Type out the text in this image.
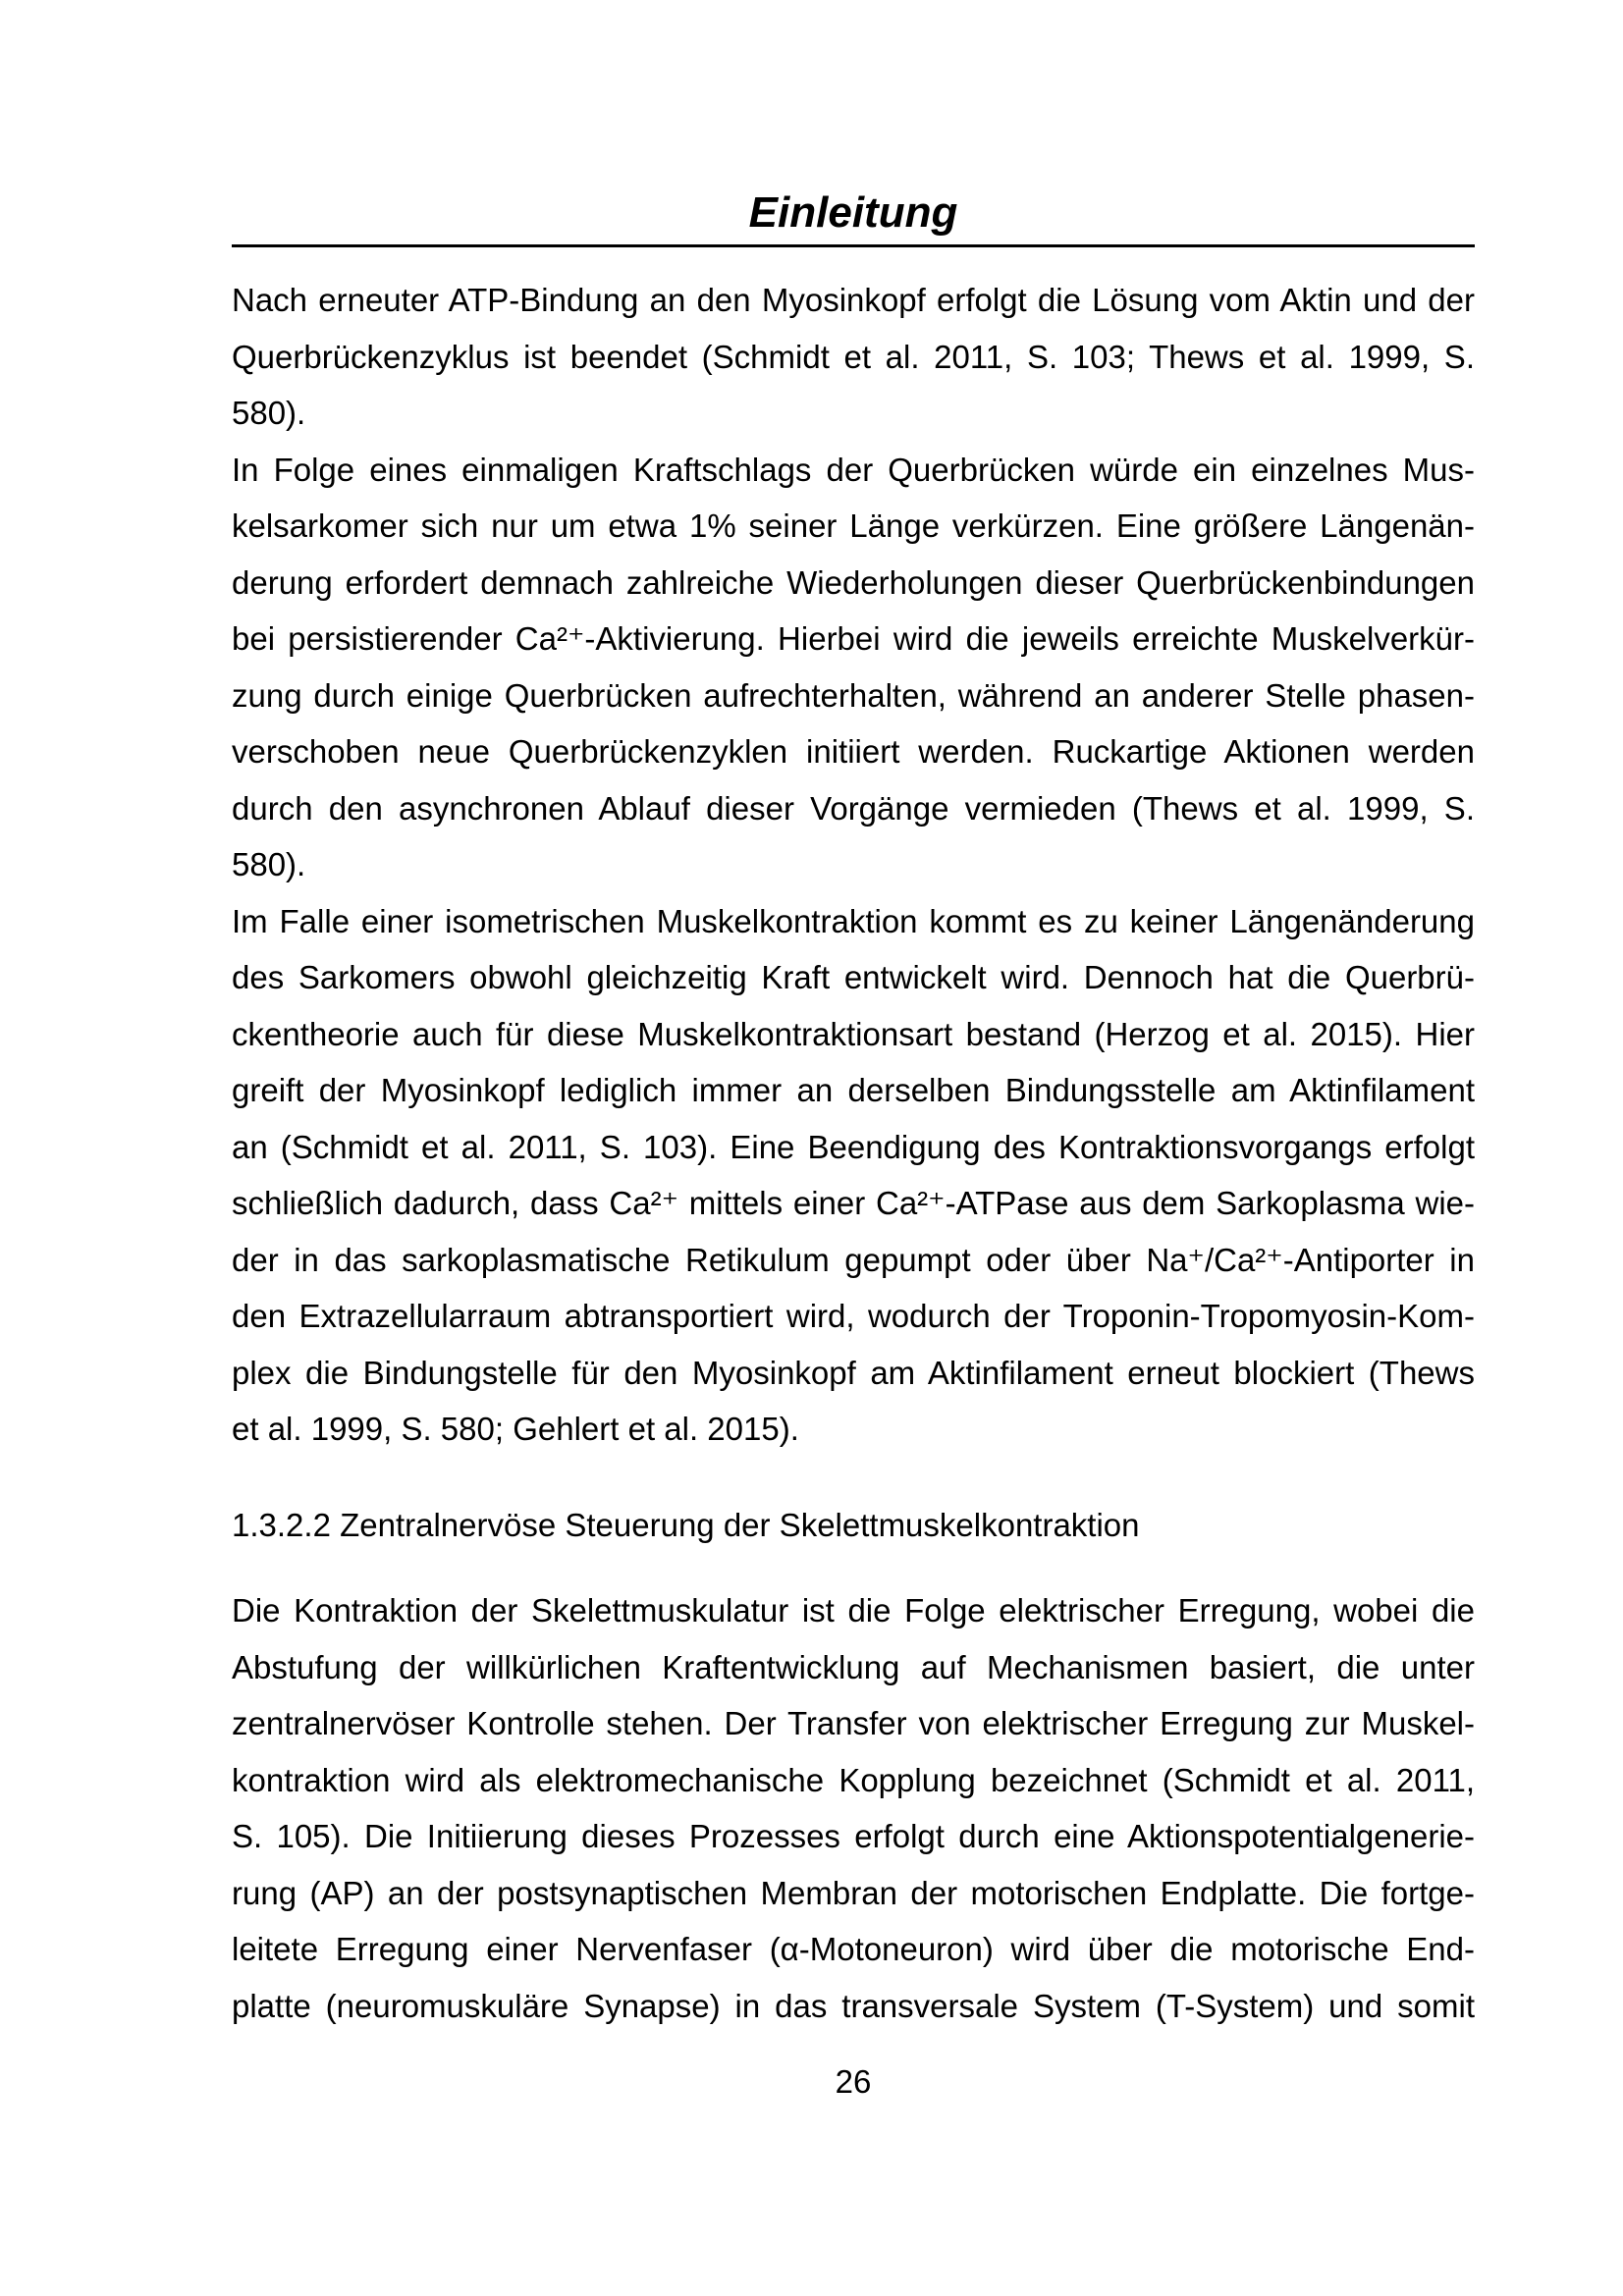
Einleitung
Nach erneuter ATP-Bindung an den Myosinkopf erfolgt die Lösung vom Aktin und der
Querbrückenzyklus ist beendet (Schmidt et al. 2011, S. 103; Thews et al. 1999, S.
580).
In Folge eines einmaligen Kraftschlags der Querbrücken würde ein einzelnes Mus-
kelsarkomer sich nur um etwa 1% seiner Länge verkürzen. Eine größere Längenän-
derung erfordert demnach zahlreiche Wiederholungen dieser Querbrückenbindungen
bei persistierender Ca²⁺-Aktivierung. Hierbei wird die jeweils erreichte Muskelverkür-
zung durch einige Querbrücken aufrechterhalten, während an anderer Stelle phasen-
verschoben neue Querbrückenzyklen initiiert werden. Ruckartige Aktionen werden
durch den asynchronen Ablauf dieser Vorgänge vermieden (Thews et al. 1999, S.
580).
Im Falle einer isometrischen Muskelkontraktion kommt es zu keiner Längenänderung
des Sarkomers obwohl gleichzeitig Kraft entwickelt wird. Dennoch hat die Querbrü-
ckentheorie auch für diese Muskelkontraktionsart bestand (Herzog et al. 2015). Hier
greift der Myosinkopf lediglich immer an derselben Bindungsstelle am Aktinfilament
an (Schmidt et al. 2011, S. 103). Eine Beendigung des Kontraktionsvorgangs erfolgt
schließlich dadurch, dass Ca²⁺ mittels einer Ca²⁺-ATPase aus dem Sarkoplasma wie-
der in das sarkoplasmatische Retikulum gepumpt oder über Na⁺/Ca²⁺-Antiporter in
den Extrazellularraum abtransportiert wird, wodurch der Troponin-Tropomyosin-Kom-
plex die Bindungstelle für den Myosinkopf am Aktinfilament erneut blockiert (Thews
et al. 1999, S. 580; Gehlert et al. 2015).
1.3.2.2 Zentralnervöse Steuerung der Skelettmuskelkontraktion
Die Kontraktion der Skelettmuskulatur ist die Folge elektrischer Erregung, wobei die
Abstufung der willkürlichen Kraftentwicklung auf Mechanismen basiert, die unter
zentralnervöser Kontrolle stehen. Der Transfer von elektrischer Erregung zur Muskel-
kontraktion wird als elektromechanische Kopplung bezeichnet (Schmidt et al. 2011,
S. 105). Die Initiierung dieses Prozesses erfolgt durch eine Aktionspotentialgenerie-
rung (AP) an der postsynaptischen Membran der motorischen Endplatte. Die fortge-
leitete Erregung einer Nervenfaser (α-Motoneuron) wird über die motorische End-
platte (neuromuskuläre Synapse) in das transversale System (T-System) und somit
26
